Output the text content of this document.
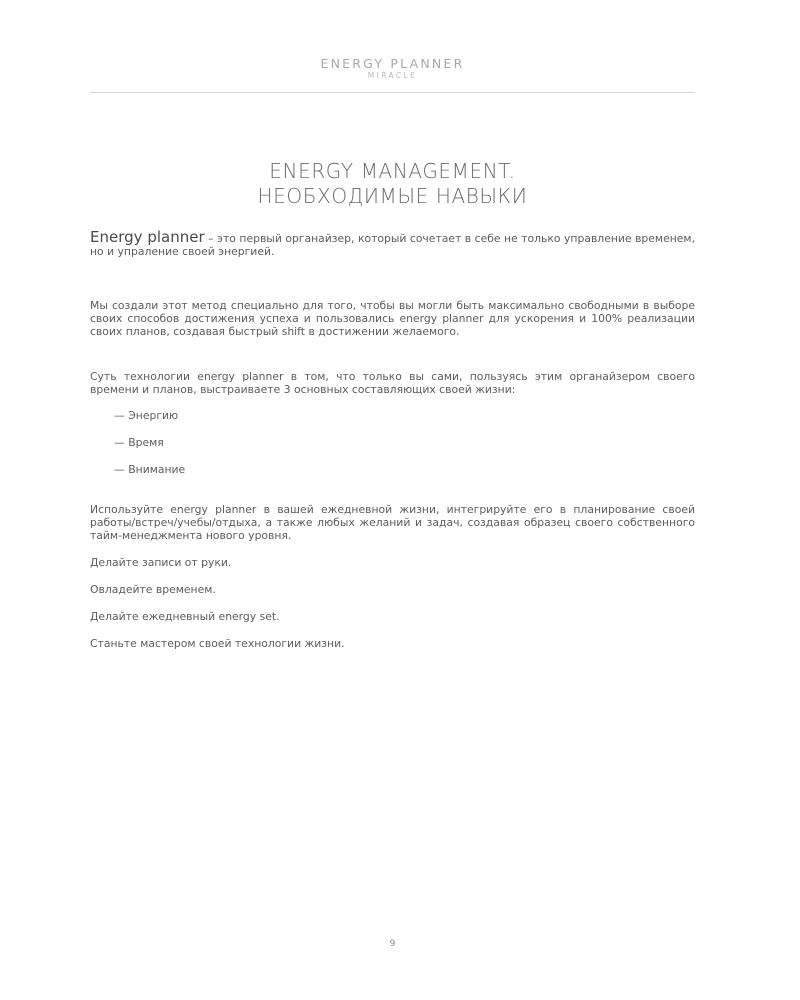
ENERGY PLANNER
MIRACLE
ENERGY MANAGEMENT.
НЕОБХОДИМЫЕ НАВЫКИ

Energy planner – это первый органайзер, который сочетает в себе не только управление временем, но и упраление своей энергией.

Мы создали этот метод специально для того, чтобы вы могли быть максимально свободными в выборе своих способов достижения успеха и пользовались energy planner для ускорения и 100% реализации своих планов, создавая быстрый shift в достижении желаемого.

Суть технологии energy planner в том, что только вы сами, пользуясь этим органайзером своего времени и планов, выстраиваете 3 основных составляющих своей жизни:

— Энергию
— Время
— Внимание

Используйте energy planner в вашей ежедневной жизни, интегрируйте его в планирование своей работы/встреч/учебы/отдыха, а также любых желаний и задач, создавая образец своего собственного тайм-менеджмента нового уровня.

Делайте записи от руки.

Овладейте временем.

Делайте ежедневный energy set.

Станьте мастером своей технологии жизни.

9
